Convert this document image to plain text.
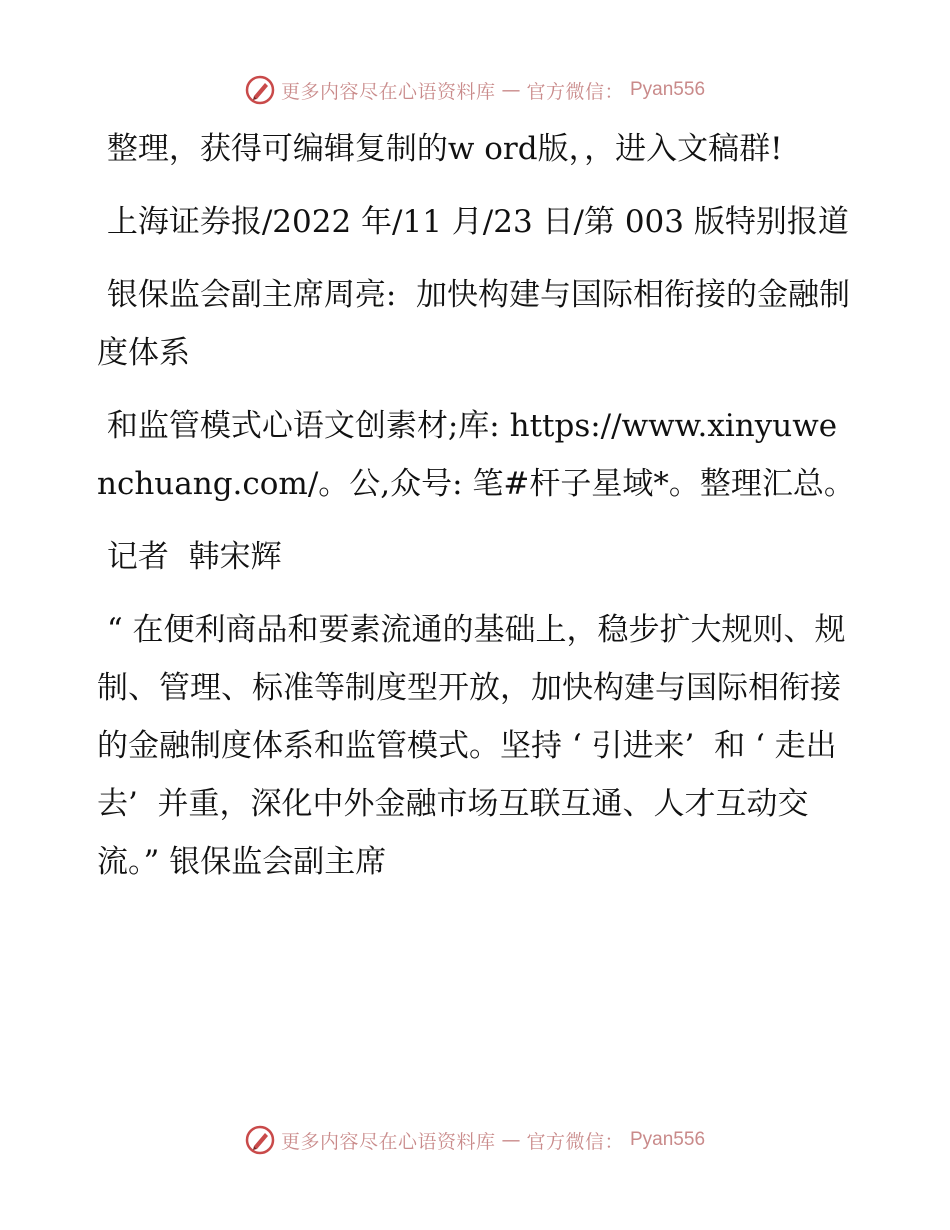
更多内容尽在心语资料库 — 官方微信： Pyan556

整理，获得可编辑复制的w ord版，，进入文稿群!

上海证券报/2022 年/11 月/23 日/第 003 版特别报道

银保监会副主席周亮:  加快构建与国际相衔接的金融制度体系

和监管模式心语文创素材;库: https://www.xinyuwenchuang.com/。公,众号: 笔#杆子星域*。整理汇总。

记者  韩宋辉

“ 在便利商品和要素流通的基础上，稳步扩大规则、规制、管理、标准等制度型开放，加快构建与国际相衔接的金融制度体系和监管模式。坚持 ‘ 引进来’  和 ‘ 走出去’  并重，深化中外金融市场互联互通、人才互动交流。” 银保监会副主席

更多内容尽在心语资料库 — 官方微信： Pyan556
